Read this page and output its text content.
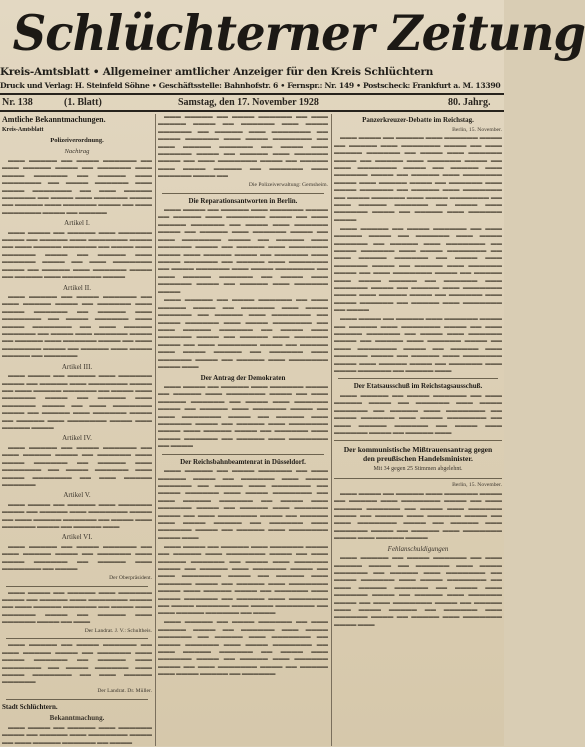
Schlüchterner Zeitung
Kreis-Amtsblatt • Allgemeiner amtlicher Anzeiger für den Kreis Schlüchtern
Druck und Verlag: H. Steinfeld Söhne • Geschäftsstelle: Bahnhofstr. 6 • Fernspr.: Nr. 149 • Postscheck: Frankfurt a. M. 13390
Nr. 138	(1. Blatt)	Samstag, den 17. November 1928	80. Jahrg.
Amtliche Bekanntmachungen.
Kreis-Amtsblatt
Polizeiverordnung.
Nachtrag
▬▬▬ ▬▬▬▬▬ ▬▬ ▬▬▬▬ ▬▬▬▬▬▬ ▬▬ ▬▬▬ ▬▬▬▬▬ ▬▬▬▬ ▬▬ ▬▬▬▬▬▬ ▬▬▬ ▬▬▬▬ ▬▬▬▬▬▬ ▬▬ ▬▬▬▬▬ ▬▬▬ ▬▬▬▬▬▬▬ ▬▬ ▬▬▬▬ ▬▬▬▬▬▬ ▬▬▬ ▬▬▬▬ ▬▬▬▬▬▬▬ ▬▬ ▬▬▬ ▬▬▬▬▬ ▬▬▬▬▬▬ ▬▬ ▬▬▬▬ ▬▬▬ ▬▬▬▬▬▬ ▬▬▬▬ ▬▬ ▬▬▬▬▬ ▬▬▬ ▬▬▬▬▬▬ ▬▬▬▬ ▬▬ ▬▬▬ ▬▬▬▬▬▬▬ ▬▬▬▬ ▬▬ ▬▬▬▬▬
Artikel I.
▬▬▬ ▬▬▬▬ ▬▬ ▬▬▬▬▬ ▬▬▬ ▬▬▬▬▬▬ ▬▬▬▬ ▬▬ ▬▬▬▬▬ ▬▬▬ ▬▬▬▬▬▬▬ ▬▬▬▬ ▬▬ ▬▬▬ ▬▬▬▬▬ ▬▬▬▬▬▬ ▬▬ ▬▬▬▬ ▬▬▬ ▬▬▬▬▬▬ ▬▬▬▬ ▬▬ ▬▬▬▬▬ ▬▬▬ ▬▬▬▬▬▬ ▬▬▬▬ ▬▬ ▬▬▬ ▬▬▬▬▬▬▬ ▬▬▬▬ ▬▬ ▬▬▬▬▬ ▬▬▬ ▬▬▬▬▬▬ ▬▬▬▬ ▬▬ ▬▬▬▬▬ ▬▬▬ ▬▬▬▬▬▬▬ ▬▬▬▬
Artikel II.
▬▬▬ ▬▬▬▬▬ ▬▬ ▬▬▬▬ ▬▬▬▬▬▬ ▬▬ ▬▬▬ ▬▬▬▬▬ ▬▬▬▬ ▬▬ ▬▬▬▬▬▬ ▬▬▬ ▬▬▬▬ ▬▬▬▬▬▬ ▬▬ ▬▬▬▬▬ ▬▬▬ ▬▬▬▬▬▬▬ ▬▬ ▬▬▬▬ ▬▬▬▬▬▬ ▬▬▬ ▬▬▬▬ ▬▬▬▬▬▬▬ ▬▬ ▬▬▬ ▬▬▬▬▬ ▬▬▬▬▬▬ ▬▬ ▬▬▬▬ ▬▬▬ ▬▬▬▬▬▬ ▬▬▬▬ ▬▬ ▬▬▬▬▬ ▬▬▬ ▬▬▬▬▬▬ ▬▬▬▬ ▬▬ ▬▬▬ ▬▬▬▬▬▬▬ ▬▬▬▬ ▬▬ ▬▬▬▬▬ ▬▬▬ ▬▬▬▬ ▬▬▬▬▬ ▬▬ ▬▬▬▬▬▬
Artikel III.
▬▬▬ ▬▬▬▬ ▬▬ ▬▬▬▬▬ ▬▬▬ ▬▬▬▬▬▬ ▬▬▬▬ ▬▬ ▬▬▬▬▬ ▬▬▬ ▬▬▬▬▬▬▬ ▬▬▬▬ ▬▬ ▬▬▬ ▬▬▬▬▬ ▬▬▬▬▬▬ ▬▬ ▬▬▬▬ ▬▬▬ ▬▬▬▬▬▬ ▬▬▬▬ ▬▬ ▬▬▬▬▬ ▬▬▬ ▬▬▬▬▬▬ ▬▬▬▬ ▬▬ ▬▬▬ ▬▬▬▬▬▬▬ ▬▬▬▬ ▬▬ ▬▬▬▬▬ ▬▬▬ ▬▬▬▬▬▬ ▬▬▬▬ ▬▬ ▬▬▬▬▬ ▬▬▬ ▬▬▬▬▬▬▬ ▬▬▬▬ ▬▬▬ ▬▬▬▬▬ ▬▬▬▬
Artikel IV.
▬▬▬ ▬▬▬▬▬ ▬▬ ▬▬▬▬ ▬▬▬▬▬▬ ▬▬ ▬▬▬ ▬▬▬▬▬ ▬▬▬▬ ▬▬ ▬▬▬▬▬▬ ▬▬▬ ▬▬▬▬ ▬▬▬▬▬▬ ▬▬ ▬▬▬▬▬ ▬▬▬ ▬▬▬▬▬▬▬ ▬▬ ▬▬▬▬ ▬▬▬▬▬▬ ▬▬▬ ▬▬▬▬ ▬▬▬▬▬▬▬ ▬▬ ▬▬▬ ▬▬▬▬▬ ▬▬▬▬▬▬
Artikel V.
▬▬▬ ▬▬▬▬ ▬▬ ▬▬▬▬▬ ▬▬▬ ▬▬▬▬▬▬ ▬▬▬▬ ▬▬ ▬▬▬▬▬ ▬▬▬ ▬▬▬▬▬▬▬ ▬▬▬▬ ▬▬ ▬▬▬ ▬▬▬▬▬ ▬▬▬▬▬▬ ▬▬ ▬▬▬▬ ▬▬▬ ▬▬▬▬▬▬ ▬▬▬▬ ▬▬ ▬▬▬▬▬ ▬▬▬
Artikel VI.
▬▬▬ ▬▬▬▬▬ ▬▬ ▬▬▬▬ ▬▬▬▬▬▬ ▬▬ ▬▬▬ ▬▬▬▬▬ ▬▬▬▬ ▬▬ ▬▬▬▬▬▬ ▬▬▬ ▬▬▬▬ ▬▬▬▬▬▬ ▬▬ ▬▬▬▬▬ ▬▬▬ ▬▬▬▬▬▬▬ ▬▬ ▬▬▬▬
Der Oberpräsident.
▬▬▬ ▬▬▬▬ ▬▬ ▬▬▬▬▬ ▬▬▬ ▬▬▬▬▬▬ ▬▬▬▬ ▬▬ ▬▬▬▬▬ ▬▬▬ ▬▬▬▬▬▬▬ ▬▬▬▬ ▬▬ ▬▬▬ ▬▬▬▬▬ ▬▬▬▬▬▬ ▬▬ ▬▬▬▬ ▬▬▬ ▬▬▬▬▬▬ ▬▬▬▬ ▬▬ ▬▬▬▬▬ ▬▬▬ ▬▬▬▬▬▬ ▬▬▬▬ ▬▬ ▬▬▬
Der Landrat. J. V.: Schultheis.
▬▬▬ ▬▬▬▬▬ ▬▬ ▬▬▬▬ ▬▬▬▬▬▬ ▬▬ ▬▬▬ ▬▬▬▬▬ ▬▬▬▬ ▬▬ ▬▬▬▬▬▬ ▬▬▬ ▬▬▬▬ ▬▬▬▬▬▬ ▬▬ ▬▬▬▬▬ ▬▬▬ ▬▬▬▬▬▬▬ ▬▬ ▬▬▬▬ ▬▬▬▬▬▬ ▬▬▬ ▬▬▬▬ ▬▬▬▬▬▬▬ ▬▬ ▬▬▬ ▬▬▬▬▬ ▬▬▬▬▬▬
Der Landrat. Dr. Müller.
Stadt Schlüchtern.
Bekanntmachung.
▬▬▬ ▬▬▬▬ ▬▬ ▬▬▬▬▬ ▬▬▬ ▬▬▬▬▬▬ ▬▬▬▬ ▬▬ ▬▬▬▬▬ ▬▬▬ ▬▬▬▬▬▬▬ ▬▬▬▬ ▬▬ ▬▬▬ ▬▬▬▬▬ ▬▬▬▬▬▬ ▬▬ ▬▬▬▬
▬▬▬ ▬▬▬▬▬ ▬▬ ▬▬▬▬ ▬▬▬▬▬▬ ▬▬ ▬▬▬ ▬▬▬▬▬ ▬▬▬▬ ▬▬ ▬▬▬▬▬▬ ▬▬▬ ▬▬▬▬ ▬▬▬▬▬▬ ▬▬ ▬▬▬▬▬ ▬▬▬ ▬▬▬▬▬▬▬ ▬▬ ▬▬▬▬ ▬▬▬▬▬▬ ▬▬▬ ▬▬▬▬ ▬▬▬▬▬▬▬ ▬▬ ▬▬▬ ▬▬▬▬▬ ▬▬▬▬▬▬ ▬▬ ▬▬▬▬ ▬▬▬ ▬▬▬▬▬▬ ▬▬▬▬ ▬▬ ▬▬▬▬▬ ▬▬▬ ▬▬▬▬▬▬ ▬▬▬▬ ▬▬ ▬▬▬ ▬▬▬▬▬▬▬ ▬▬▬▬ ▬▬ ▬▬▬▬▬ ▬▬▬ ▬▬▬▬ ▬▬▬▬▬ ▬▬ ▬▬▬▬▬▬ ▬▬▬ ▬▬▬▬▬▬ ▬▬▬▬ ▬▬
Die Polizeiverwaltung: Gernsheim.
Die Reparationsantworten in Berlin.
▬▬▬ ▬▬▬▬ ▬▬ ▬▬▬▬▬ ▬▬▬ ▬▬▬▬▬▬ ▬▬▬▬ ▬▬ ▬▬▬▬▬ ▬▬▬ ▬▬▬▬▬▬▬ ▬▬▬▬ ▬▬ ▬▬▬ ▬▬▬▬▬ ▬▬▬▬▬▬ ▬▬ ▬▬▬▬ ▬▬▬ ▬▬▬▬▬▬ ▬▬▬▬ ▬▬ ▬▬▬▬▬ ▬▬▬ ▬▬▬▬▬▬ ▬▬▬▬ ▬▬ ▬▬▬ ▬▬▬▬▬▬▬ ▬▬▬▬ ▬▬ ▬▬▬▬▬ ▬▬▬ ▬▬▬▬▬▬ ▬▬▬▬ ▬▬ ▬▬▬▬▬ ▬▬▬ ▬▬▬▬▬▬▬ ▬▬▬▬ ▬▬▬ ▬▬▬▬▬ ▬▬▬▬ ▬▬ ▬▬▬▬▬▬ ▬▬▬ ▬▬▬▬ ▬▬▬▬▬▬ ▬▬ ▬▬▬▬▬ ▬▬▬ ▬▬▬▬▬▬▬ ▬▬ ▬▬▬▬ ▬▬▬▬▬▬ ▬▬▬ ▬▬▬▬ ▬▬▬▬▬▬▬ ▬▬ ▬▬▬ ▬▬▬▬▬ ▬▬▬▬▬▬ ▬▬ ▬▬▬▬ ▬▬▬ ▬▬▬▬▬▬ ▬▬▬▬ ▬▬ ▬▬▬▬▬ ▬▬▬ ▬▬▬▬▬▬ ▬▬▬▬
▬▬▬ ▬▬▬▬▬ ▬▬ ▬▬▬▬ ▬▬▬▬▬▬ ▬▬ ▬▬▬ ▬▬▬▬▬ ▬▬▬▬ ▬▬ ▬▬▬▬▬▬ ▬▬▬ ▬▬▬▬ ▬▬▬▬▬▬ ▬▬ ▬▬▬▬▬ ▬▬▬ ▬▬▬▬▬▬▬ ▬▬ ▬▬▬▬ ▬▬▬▬▬▬ ▬▬▬ ▬▬▬▬ ▬▬▬▬▬▬▬ ▬▬ ▬▬▬ ▬▬▬▬▬ ▬▬▬▬▬▬ ▬▬ ▬▬▬▬ ▬▬▬ ▬▬▬▬▬▬ ▬▬▬▬ ▬▬ ▬▬▬▬▬ ▬▬▬ ▬▬▬▬▬▬ ▬▬▬▬ ▬▬ ▬▬▬ ▬▬▬▬▬▬▬ ▬▬▬▬ ▬▬ ▬▬▬▬▬ ▬▬▬ ▬▬▬▬ ▬▬▬▬▬ ▬▬ ▬▬▬▬▬▬ ▬▬▬ ▬▬▬▬▬▬ ▬▬▬▬ ▬▬ ▬▬▬▬▬ ▬▬▬ ▬▬▬▬▬▬▬ ▬▬▬▬ ▬▬▬
Der Antrag der Demokraten
▬▬▬ ▬▬▬▬ ▬▬ ▬▬▬▬▬ ▬▬▬ ▬▬▬▬▬▬ ▬▬▬▬ ▬▬ ▬▬▬▬▬ ▬▬▬ ▬▬▬▬▬▬▬ ▬▬▬▬ ▬▬ ▬▬▬ ▬▬▬▬▬ ▬▬▬▬▬▬ ▬▬ ▬▬▬▬ ▬▬▬ ▬▬▬▬▬▬ ▬▬▬▬ ▬▬ ▬▬▬▬▬ ▬▬▬ ▬▬▬▬▬▬ ▬▬▬▬ ▬▬ ▬▬▬ ▬▬▬▬▬▬▬ ▬▬▬▬ ▬▬ ▬▬▬▬▬ ▬▬▬ ▬▬▬▬▬▬ ▬▬▬▬ ▬▬ ▬▬▬▬▬ ▬▬▬ ▬▬▬▬▬▬▬ ▬▬▬▬ ▬▬▬ ▬▬▬▬▬ ▬▬▬▬ ▬▬ ▬▬▬▬▬▬ ▬▬▬ ▬▬▬▬ ▬▬▬▬▬▬ ▬▬ ▬▬▬▬▬ ▬▬▬ ▬▬▬▬▬▬▬ ▬▬ ▬▬▬▬
Der Reichsbahnbeamtenrat in Düsseldorf.
▬▬▬ ▬▬▬▬▬ ▬▬ ▬▬▬▬ ▬▬▬▬▬▬ ▬▬ ▬▬▬ ▬▬▬▬▬ ▬▬▬▬ ▬▬ ▬▬▬▬▬▬ ▬▬▬ ▬▬▬▬ ▬▬▬▬▬▬ ▬▬ ▬▬▬▬▬ ▬▬▬ ▬▬▬▬▬▬▬ ▬▬ ▬▬▬▬ ▬▬▬▬▬▬ ▬▬▬ ▬▬▬▬ ▬▬▬▬▬▬▬ ▬▬ ▬▬▬ ▬▬▬▬▬ ▬▬▬▬▬▬ ▬▬ ▬▬▬▬ ▬▬▬ ▬▬▬▬▬▬ ▬▬▬▬ ▬▬ ▬▬▬▬▬ ▬▬▬ ▬▬▬▬▬▬ ▬▬▬▬ ▬▬ ▬▬▬ ▬▬▬▬▬▬▬ ▬▬▬▬ ▬▬ ▬▬▬▬▬ ▬▬▬ ▬▬▬▬ ▬▬▬▬▬ ▬▬ ▬▬▬▬▬▬ ▬▬▬ ▬▬▬▬▬▬ ▬▬▬▬ ▬▬ ▬▬▬▬▬ ▬▬▬ ▬▬▬▬▬▬▬ ▬▬▬▬ ▬▬▬
▬▬▬ ▬▬▬▬ ▬▬ ▬▬▬▬▬ ▬▬▬ ▬▬▬▬▬▬ ▬▬▬▬ ▬▬ ▬▬▬▬▬ ▬▬▬ ▬▬▬▬▬▬▬ ▬▬▬▬ ▬▬ ▬▬▬ ▬▬▬▬▬ ▬▬▬▬▬▬ ▬▬ ▬▬▬▬ ▬▬▬ ▬▬▬▬▬▬ ▬▬▬▬ ▬▬ ▬▬▬▬▬ ▬▬▬ ▬▬▬▬▬▬ ▬▬▬▬ ▬▬ ▬▬▬ ▬▬▬▬▬▬▬ ▬▬▬▬ ▬▬ ▬▬▬▬▬ ▬▬▬ ▬▬▬▬▬▬ ▬▬▬▬ ▬▬ ▬▬▬▬▬ ▬▬▬ ▬▬▬▬▬▬▬ ▬▬▬▬ ▬▬▬ ▬▬▬▬▬ ▬▬▬▬ ▬▬ ▬▬▬▬▬▬ ▬▬▬ ▬▬▬▬ ▬▬▬▬▬▬ ▬▬ ▬▬▬▬▬ ▬▬▬ ▬▬▬▬▬▬▬ ▬▬ ▬▬▬▬ ▬▬▬▬▬▬ ▬▬▬ ▬▬▬▬ ▬▬▬▬▬▬▬ ▬▬ ▬▬▬ ▬▬▬▬▬ ▬▬▬▬▬▬ ▬▬ ▬▬▬▬
▬▬▬ ▬▬▬▬▬ ▬▬ ▬▬▬▬ ▬▬▬▬▬▬ ▬▬ ▬▬▬ ▬▬▬▬▬ ▬▬▬▬ ▬▬ ▬▬▬▬▬▬ ▬▬▬ ▬▬▬▬ ▬▬▬▬▬▬ ▬▬ ▬▬▬▬▬ ▬▬▬ ▬▬▬▬▬▬▬ ▬▬ ▬▬▬▬ ▬▬▬▬▬▬ ▬▬▬ ▬▬▬▬ ▬▬▬▬▬▬▬ ▬▬ ▬▬▬ ▬▬▬▬▬ ▬▬▬▬▬▬ ▬▬ ▬▬▬▬ ▬▬▬ ▬▬▬▬▬▬ ▬▬▬▬ ▬▬ ▬▬▬▬▬ ▬▬▬ ▬▬▬▬▬▬ ▬▬▬▬ ▬▬ ▬▬▬ ▬▬▬▬▬▬▬ ▬▬▬▬ ▬▬ ▬▬▬▬▬ ▬▬▬ ▬▬▬▬ ▬▬▬▬▬ ▬▬ ▬▬▬▬▬▬
Panzerkreuzer-Debatte im Reichstag.
Berlin, 15. November.
▬▬▬ ▬▬▬▬ ▬▬ ▬▬▬▬▬ ▬▬▬ ▬▬▬▬▬▬ ▬▬▬▬ ▬▬ ▬▬▬▬▬ ▬▬▬ ▬▬▬▬▬▬▬ ▬▬▬▬ ▬▬ ▬▬▬ ▬▬▬▬▬ ▬▬▬▬▬▬ ▬▬ ▬▬▬▬ ▬▬▬ ▬▬▬▬▬▬ ▬▬▬▬ ▬▬ ▬▬▬▬▬ ▬▬▬ ▬▬▬▬▬▬ ▬▬▬▬ ▬▬ ▬▬▬ ▬▬▬▬▬▬▬ ▬▬▬▬ ▬▬ ▬▬▬▬▬ ▬▬▬ ▬▬▬▬▬▬ ▬▬▬▬ ▬▬ ▬▬▬▬▬ ▬▬▬ ▬▬▬▬▬▬▬ ▬▬▬▬ ▬▬▬ ▬▬▬▬▬ ▬▬▬▬ ▬▬ ▬▬▬▬▬▬ ▬▬▬ ▬▬▬▬ ▬▬▬▬▬▬ ▬▬ ▬▬▬▬▬ ▬▬▬ ▬▬▬▬▬▬▬ ▬▬ ▬▬▬▬ ▬▬▬▬▬▬ ▬▬▬ ▬▬▬▬ ▬▬▬▬▬▬▬ ▬▬ ▬▬▬ ▬▬▬▬▬ ▬▬▬▬▬▬ ▬▬ ▬▬▬▬ ▬▬▬ ▬▬▬▬▬▬ ▬▬▬▬ ▬▬ ▬▬▬▬▬ ▬▬▬ ▬▬▬▬▬▬ ▬▬▬▬
▬▬▬ ▬▬▬▬▬ ▬▬ ▬▬▬▬ ▬▬▬▬▬▬ ▬▬ ▬▬▬ ▬▬▬▬▬ ▬▬▬▬ ▬▬ ▬▬▬▬▬▬ ▬▬▬ ▬▬▬▬ ▬▬▬▬▬▬ ▬▬ ▬▬▬▬▬ ▬▬▬ ▬▬▬▬▬▬▬ ▬▬ ▬▬▬▬ ▬▬▬▬▬▬ ▬▬▬ ▬▬▬▬ ▬▬▬▬▬▬▬ ▬▬ ▬▬▬ ▬▬▬▬▬ ▬▬▬▬▬▬ ▬▬ ▬▬▬▬ ▬▬▬ ▬▬▬▬▬▬ ▬▬▬▬ ▬▬ ▬▬▬▬▬ ▬▬▬ ▬▬▬▬▬▬ ▬▬▬▬ ▬▬ ▬▬▬ ▬▬▬▬▬▬▬ ▬▬▬▬ ▬▬ ▬▬▬▬▬ ▬▬▬ ▬▬▬▬ ▬▬▬▬▬ ▬▬ ▬▬▬▬▬▬ ▬▬▬ ▬▬▬▬▬▬ ▬▬▬▬ ▬▬ ▬▬▬▬▬ ▬▬▬ ▬▬▬▬▬▬▬ ▬▬▬▬ ▬▬▬ ▬▬▬▬▬ ▬▬▬▬ ▬▬ ▬▬▬▬▬▬ ▬▬▬ ▬▬▬▬ ▬▬▬▬▬▬ ▬▬ ▬▬▬▬▬ ▬▬▬ ▬▬▬▬▬▬▬ ▬▬ ▬▬▬▬
▬▬▬ ▬▬▬▬ ▬▬ ▬▬▬▬▬ ▬▬▬ ▬▬▬▬▬▬ ▬▬▬▬ ▬▬ ▬▬▬▬▬ ▬▬▬ ▬▬▬▬▬▬▬ ▬▬▬▬ ▬▬ ▬▬▬ ▬▬▬▬▬ ▬▬▬▬▬▬ ▬▬ ▬▬▬▬ ▬▬▬ ▬▬▬▬▬▬ ▬▬▬▬ ▬▬ ▬▬▬▬▬ ▬▬▬ ▬▬▬▬▬▬ ▬▬▬▬ ▬▬ ▬▬▬ ▬▬▬▬▬▬▬ ▬▬▬▬ ▬▬ ▬▬▬▬▬ ▬▬▬ ▬▬▬▬▬▬ ▬▬▬▬ ▬▬ ▬▬▬▬▬ ▬▬▬ ▬▬▬▬▬▬▬ ▬▬▬▬ ▬▬▬ ▬▬▬▬▬ ▬▬▬▬ ▬▬ ▬▬▬▬▬▬ ▬▬▬ ▬▬▬▬ ▬▬▬▬▬▬ ▬▬ ▬▬▬▬▬ ▬▬▬
Der Etatsausschuß im Reichstagsausschuß.
▬▬▬ ▬▬▬▬▬ ▬▬ ▬▬▬▬ ▬▬▬▬▬▬ ▬▬ ▬▬▬ ▬▬▬▬▬ ▬▬▬▬ ▬▬ ▬▬▬▬▬▬ ▬▬▬ ▬▬▬▬ ▬▬▬▬▬▬ ▬▬ ▬▬▬▬▬ ▬▬▬ ▬▬▬▬▬▬▬ ▬▬ ▬▬▬▬ ▬▬▬▬▬▬ ▬▬▬ ▬▬▬▬ ▬▬▬▬▬▬▬ ▬▬ ▬▬▬ ▬▬▬▬▬ ▬▬▬▬▬▬ ▬▬ ▬▬▬▬ ▬▬▬ ▬▬▬▬▬▬ ▬▬▬▬ ▬▬ ▬▬▬▬▬ ▬▬▬
Der kommunistische Mißtrauensantrag gegen den preußischen Handelsminister.
Mit 34 gegen 25 Stimmen abgelehnt.
Berlin, 15. November.
▬▬▬ ▬▬▬▬ ▬▬ ▬▬▬▬▬ ▬▬▬ ▬▬▬▬▬▬ ▬▬▬▬ ▬▬ ▬▬▬▬▬ ▬▬▬ ▬▬▬▬▬▬▬ ▬▬▬▬ ▬▬ ▬▬▬ ▬▬▬▬▬ ▬▬▬▬▬▬ ▬▬ ▬▬▬▬ ▬▬▬ ▬▬▬▬▬▬ ▬▬▬▬ ▬▬ ▬▬▬▬▬ ▬▬▬ ▬▬▬▬▬▬ ▬▬▬▬ ▬▬ ▬▬▬ ▬▬▬▬▬▬▬ ▬▬▬▬ ▬▬ ▬▬▬▬▬ ▬▬▬ ▬▬▬▬▬▬ ▬▬▬▬ ▬▬ ▬▬▬▬▬ ▬▬▬ ▬▬▬▬▬▬▬ ▬▬▬▬ ▬▬▬ ▬▬▬▬▬ ▬▬▬▬
Fehlanschuldigungen
▬▬▬ ▬▬▬▬▬ ▬▬ ▬▬▬▬ ▬▬▬▬▬▬ ▬▬ ▬▬▬ ▬▬▬▬▬ ▬▬▬▬ ▬▬ ▬▬▬▬▬▬ ▬▬▬ ▬▬▬▬ ▬▬▬▬▬▬ ▬▬ ▬▬▬▬▬ ▬▬▬ ▬▬▬▬▬▬▬ ▬▬ ▬▬▬▬ ▬▬▬▬▬▬ ▬▬▬ ▬▬▬▬ ▬▬▬▬▬▬▬ ▬▬ ▬▬▬ ▬▬▬▬▬ ▬▬▬▬▬▬ ▬▬ ▬▬▬▬ ▬▬▬ ▬▬▬▬▬▬ ▬▬▬▬ ▬▬ ▬▬▬▬▬ ▬▬▬ ▬▬▬▬▬▬ ▬▬▬▬ ▬▬ ▬▬▬ ▬▬▬▬▬▬▬ ▬▬▬▬ ▬▬ ▬▬▬▬▬ ▬▬▬ ▬▬▬▬ ▬▬▬▬▬ ▬▬ ▬▬▬▬▬▬ ▬▬▬ ▬▬▬▬▬▬ ▬▬▬▬ ▬▬ ▬▬▬▬▬ ▬▬▬ ▬▬▬▬▬▬▬ ▬▬▬▬ ▬▬▬
